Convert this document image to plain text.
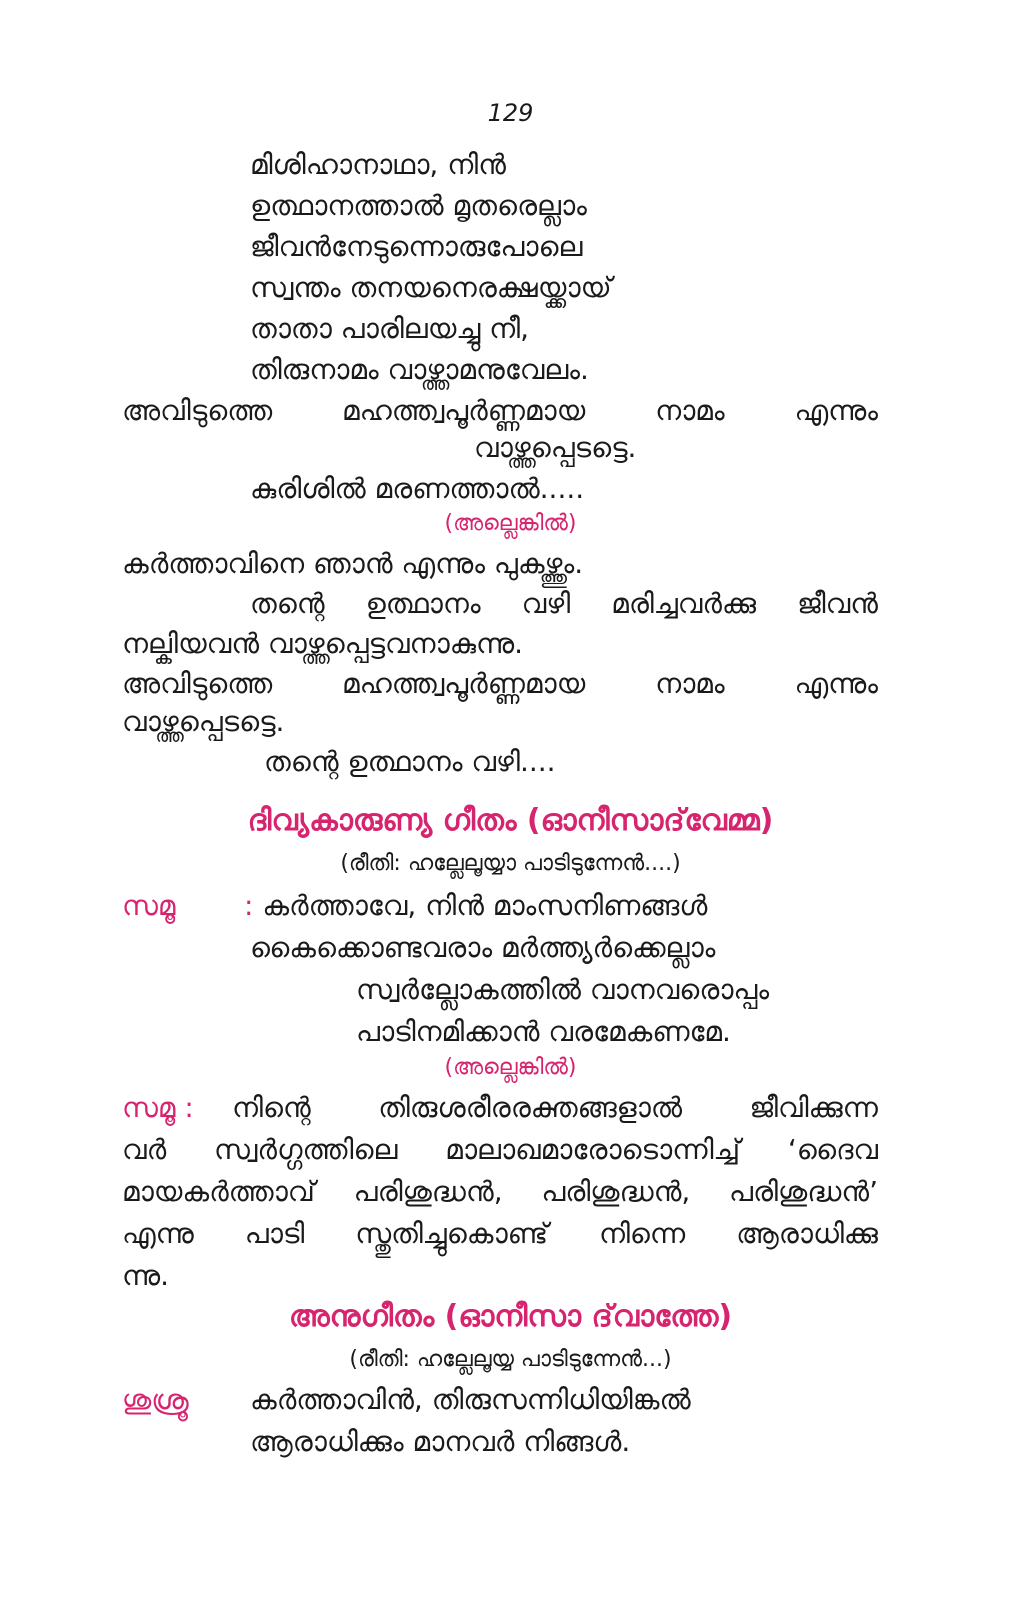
129
മിശിഹാനാഥാ, നിൻ
ഉത്ഥാനത്താൽ മൃതരെല്ലാം
ജീവൻനേടുന്നൊരുപോലെ
സ്വന്തം തനയനെരക്ഷയ്ക്കായ്
താതാ പാരിലയച്ചു നീ,
തിരുനാമം വാഴ്ത്താമനുവേലം.
അവിടുത്തെ മഹത്ത്വപൂർണ്ണമായ നാമം എന്നും
വാഴ്ത്തപ്പെടട്ടെ.
കുരിശിൽ മരണത്താൽ.....
(അല്ലെങ്കിൽ)
കർത്താവിനെ ഞാൻ എന്നും പുകഴ്ത്തും.
തന്റെ ഉത്ഥാനം വഴി മരിച്ചവർക്കു ജീവൻ
നല്കിയവൻ വാഴ്ത്തപ്പെട്ടവനാകുന്നു.
അവിടുത്തെ മഹത്ത്വപൂർണ്ണമായ നാമം എന്നും
വാഴ്ത്തപ്പെടട്ടെ.
തന്റെ ഉത്ഥാനം വഴി....
ദിവ്യകാരുണ്യ ഗീതം (ഓനീസാദ്‌വേമ്മ)
(രീതി: ഹല്ലേലൂയ്യാ പാടിടുന്നേൻ....)
സമൂ : കർത്താവേ, നിൻ മാംസനിണങ്ങൾ
കൈക്കൊണ്ടവരാം മർത്ത്യർക്കെല്ലാം
സ്വർല്ലോകത്തിൽ വാനവരൊപ്പം
പാടിനമിക്കാൻ വരമേകണമേ.
(അല്ലെങ്കിൽ)
സമൂ : നിന്റെ തിരുശരീരരക്തങ്ങളാൽ ജീവിക്കുന്ന
വർ സ്വർഗ്ഗത്തിലെ മാലാഖമാരോടൊന്നിച്ച് ‘ദൈവ
മായകർത്താവ് പരിശുദ്ധൻ, പരിശുദ്ധൻ, പരിശുദ്ധൻ’
എന്നു പാടി സ്തുതിച്ചുകൊണ്ട് നിന്നെ ആരാധിക്കു
ന്നു.
അനുഗീതം (ഓനീസാ ദ്‌വാത്തേ)
(രീതി: ഹല്ലേലൂയ്യ പാടിടുന്നേൻ...)
ശുശ്രൂ കർത്താവിൻ, തിരുസന്നിധിയിങ്കൽ
ആരാധിക്കും മാനവർ നിങ്ങൾ.
